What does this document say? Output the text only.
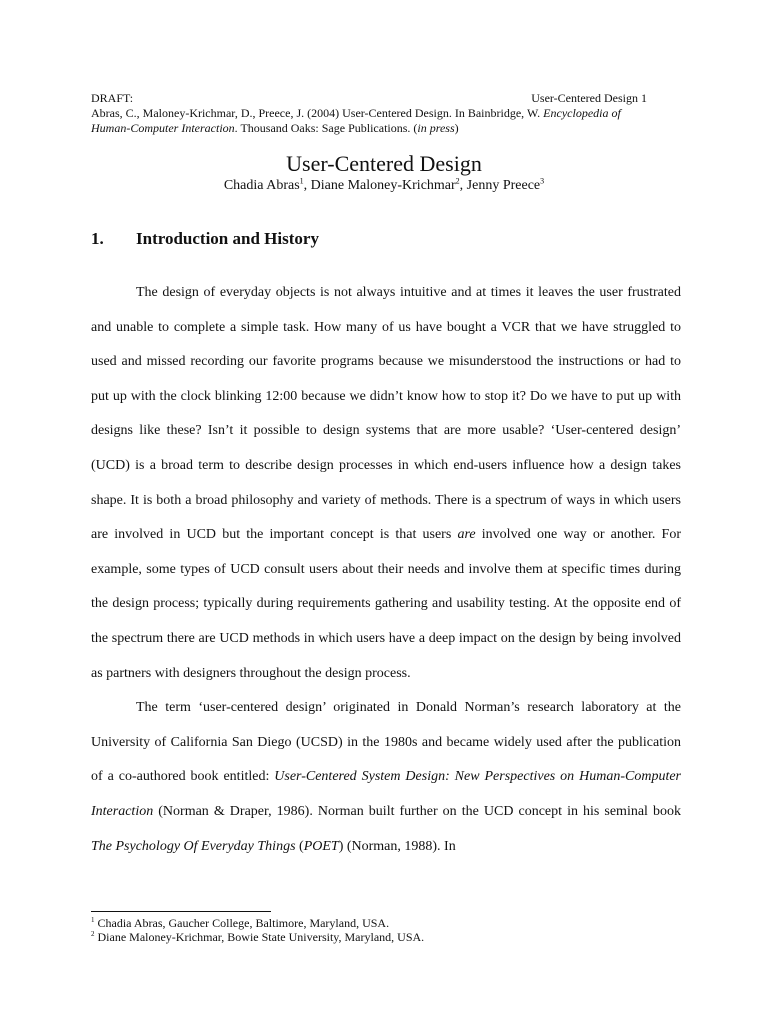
DRAFT:	User-Centered Design 1
Abras, C., Maloney-Krichmar, D., Preece, J. (2004) User-Centered Design. In Bainbridge, W. Encyclopedia of Human-Computer Interaction. Thousand Oaks: Sage Publications. (in press)
User-Centered Design
Chadia Abras$^1$, Diane Maloney-Krichmar$^2$, Jenny Preece$^3$
1. Introduction and History

The design of everyday objects is not always intuitive and at times it leaves the user frustrated and unable to complete a simple task. How many of us have bought a VCR that we have struggled to used and missed recording our favorite programs because we misunderstood the instructions or had to put up with the clock blinking 12:00 because we didn’t know how to stop it? Do we have to put up with designs like these? Isn’t it possible to design systems that are more usable? ‘User-centered design’ (UCD) is a broad term to describe design processes in which end-users influence how a design takes shape. It is both a broad philosophy and variety of methods. There is a spectrum of ways in which users are involved in UCD but the important concept is that users are involved one way or another. For example, some types of UCD consult users about their needs and involve them at specific times during the design process; typically during requirements gathering and usability testing. At the opposite end of the spectrum there are UCD methods in which users have a deep impact on the design by being involved as partners with designers throughout the design process.

The term ‘user-centered design’ originated in Donald Norman’s research laboratory at the University of California San Diego (UCSD) in the 1980s and became widely used after the publication of a co-authored book entitled: User-Centered System Design: New Perspectives on Human-Computer Interaction (Norman & Draper, 1986). Norman built further on the UCD concept in his seminal book The Psychology Of Everyday Things (POET) (Norman, 1988). In

$^1$ Chadia Abras, Gaucher College, Baltimore, Maryland, USA.
$^2$ Diane Maloney-Krichmar, Bowie State University, Maryland, USA.
